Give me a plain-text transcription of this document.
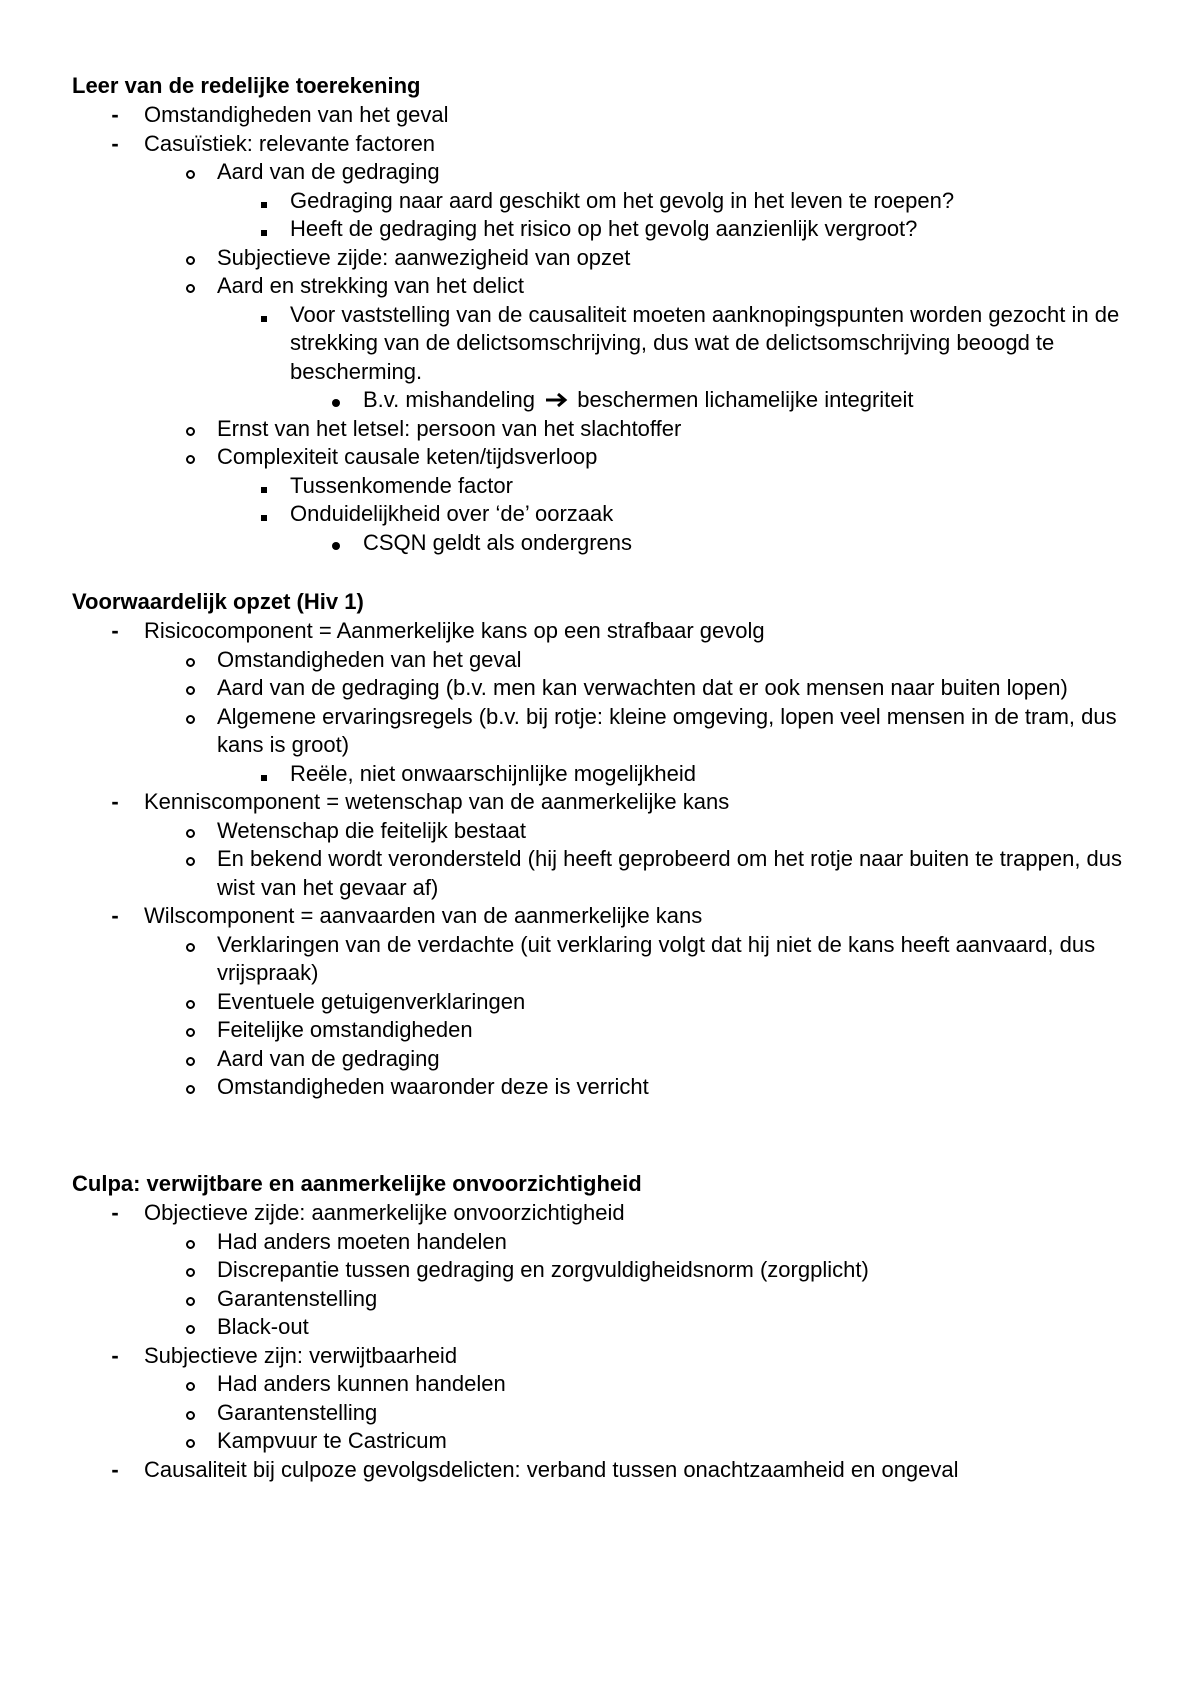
Leer van de redelijke toerekening
- Omstandigheden van het geval
- Casuïstiek: relevante factoren
Aard van de gedraging
Gedraging naar aard geschikt om het gevolg in het leven te roepen?
Heeft de gedraging het risico op het gevolg aanzienlijk vergroot?
Subjectieve zijde: aanwezigheid van opzet
Aard en strekking van het delict
Voor vaststelling van de causaliteit moeten aanknopingspunten worden gezocht in de strekking van de delictsomschrijving, dus wat de delictsomschrijving beoogd te bescherming.
B.v. mishandeling beschermen lichamelijke integriteit
Ernst van het letsel: persoon van het slachtoffer
Complexiteit causale keten/tijdsverloop
Tussenkomende factor
Onduidelijkheid over ‘de’ oorzaak
CSQN geldt als ondergrens
Voorwaardelijk opzet (Hiv 1)
- Risicocomponent = Aanmerkelijke kans op een strafbaar gevolg
Omstandigheden van het geval
Aard van de gedraging (b.v. men kan verwachten dat er ook mensen naar buiten lopen)
Algemene ervaringsregels (b.v. bij rotje: kleine omgeving, lopen veel mensen in de tram, dus kans is groot)
Reële, niet onwaarschijnlijke mogelijkheid
- Kenniscomponent = wetenschap van de aanmerkelijke kans
Wetenschap die feitelijk bestaat
En bekend wordt verondersteld (hij heeft geprobeerd om het rotje naar buiten te trappen, dus wist van het gevaar af)
- Wilscomponent = aanvaarden van de aanmerkelijke kans
Verklaringen van de verdachte (uit verklaring volgt dat hij niet de kans heeft aanvaard, dus vrijspraak)
Eventuele getuigenverklaringen
Feitelijke omstandigheden
Aard van de gedraging
Omstandigheden waaronder deze is verricht
Culpa: verwijtbare en aanmerkelijke onvoorzichtigheid
- Objectieve zijde: aanmerkelijke onvoorzichtigheid
Had anders moeten handelen
Discrepantie tussen gedraging en zorgvuldigheidsnorm (zorgplicht)
Garantenstelling
Black-out
- Subjectieve zijn: verwijtbaarheid
Had anders kunnen handelen
Garantenstelling
Kampvuur te Castricum
- Causaliteit bij culpoze gevolgsdelicten: verband tussen onachtzaamheid en ongeval
